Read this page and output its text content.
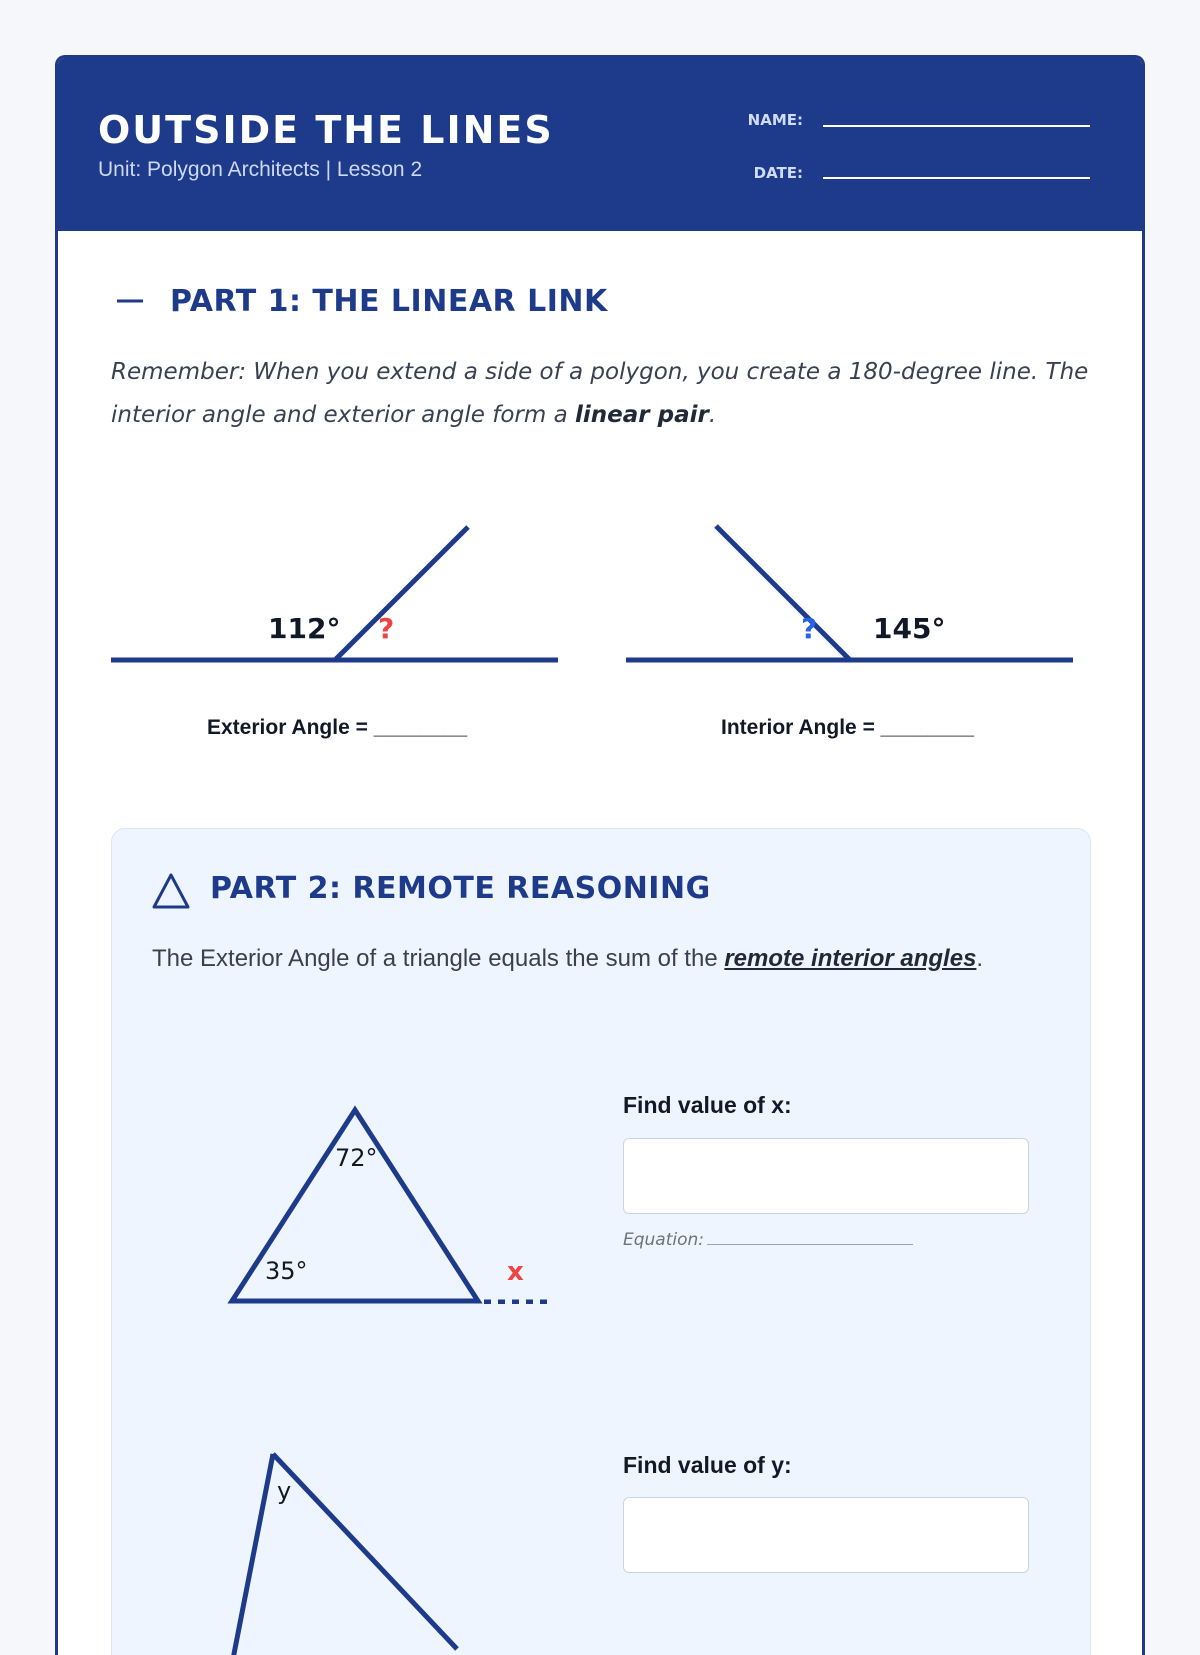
OUTSIDE THE LINES
Unit: Polygon Architects | Lesson 2
NAME:
DATE:
PART 1: THE LINEAR LINK
Remember: When you extend a side of a polygon, you create a 180-degree line. The interior angle and exterior angle form a linear pair.
112° ?
Exterior Angle = ________
? 145°
Interior Angle = ________
PART 2: REMOTE REASONING
The Exterior Angle of a triangle equals the sum of the remote interior angles.
72°
35°	x
Find value of x:
Equation:
y
Find value of y:
